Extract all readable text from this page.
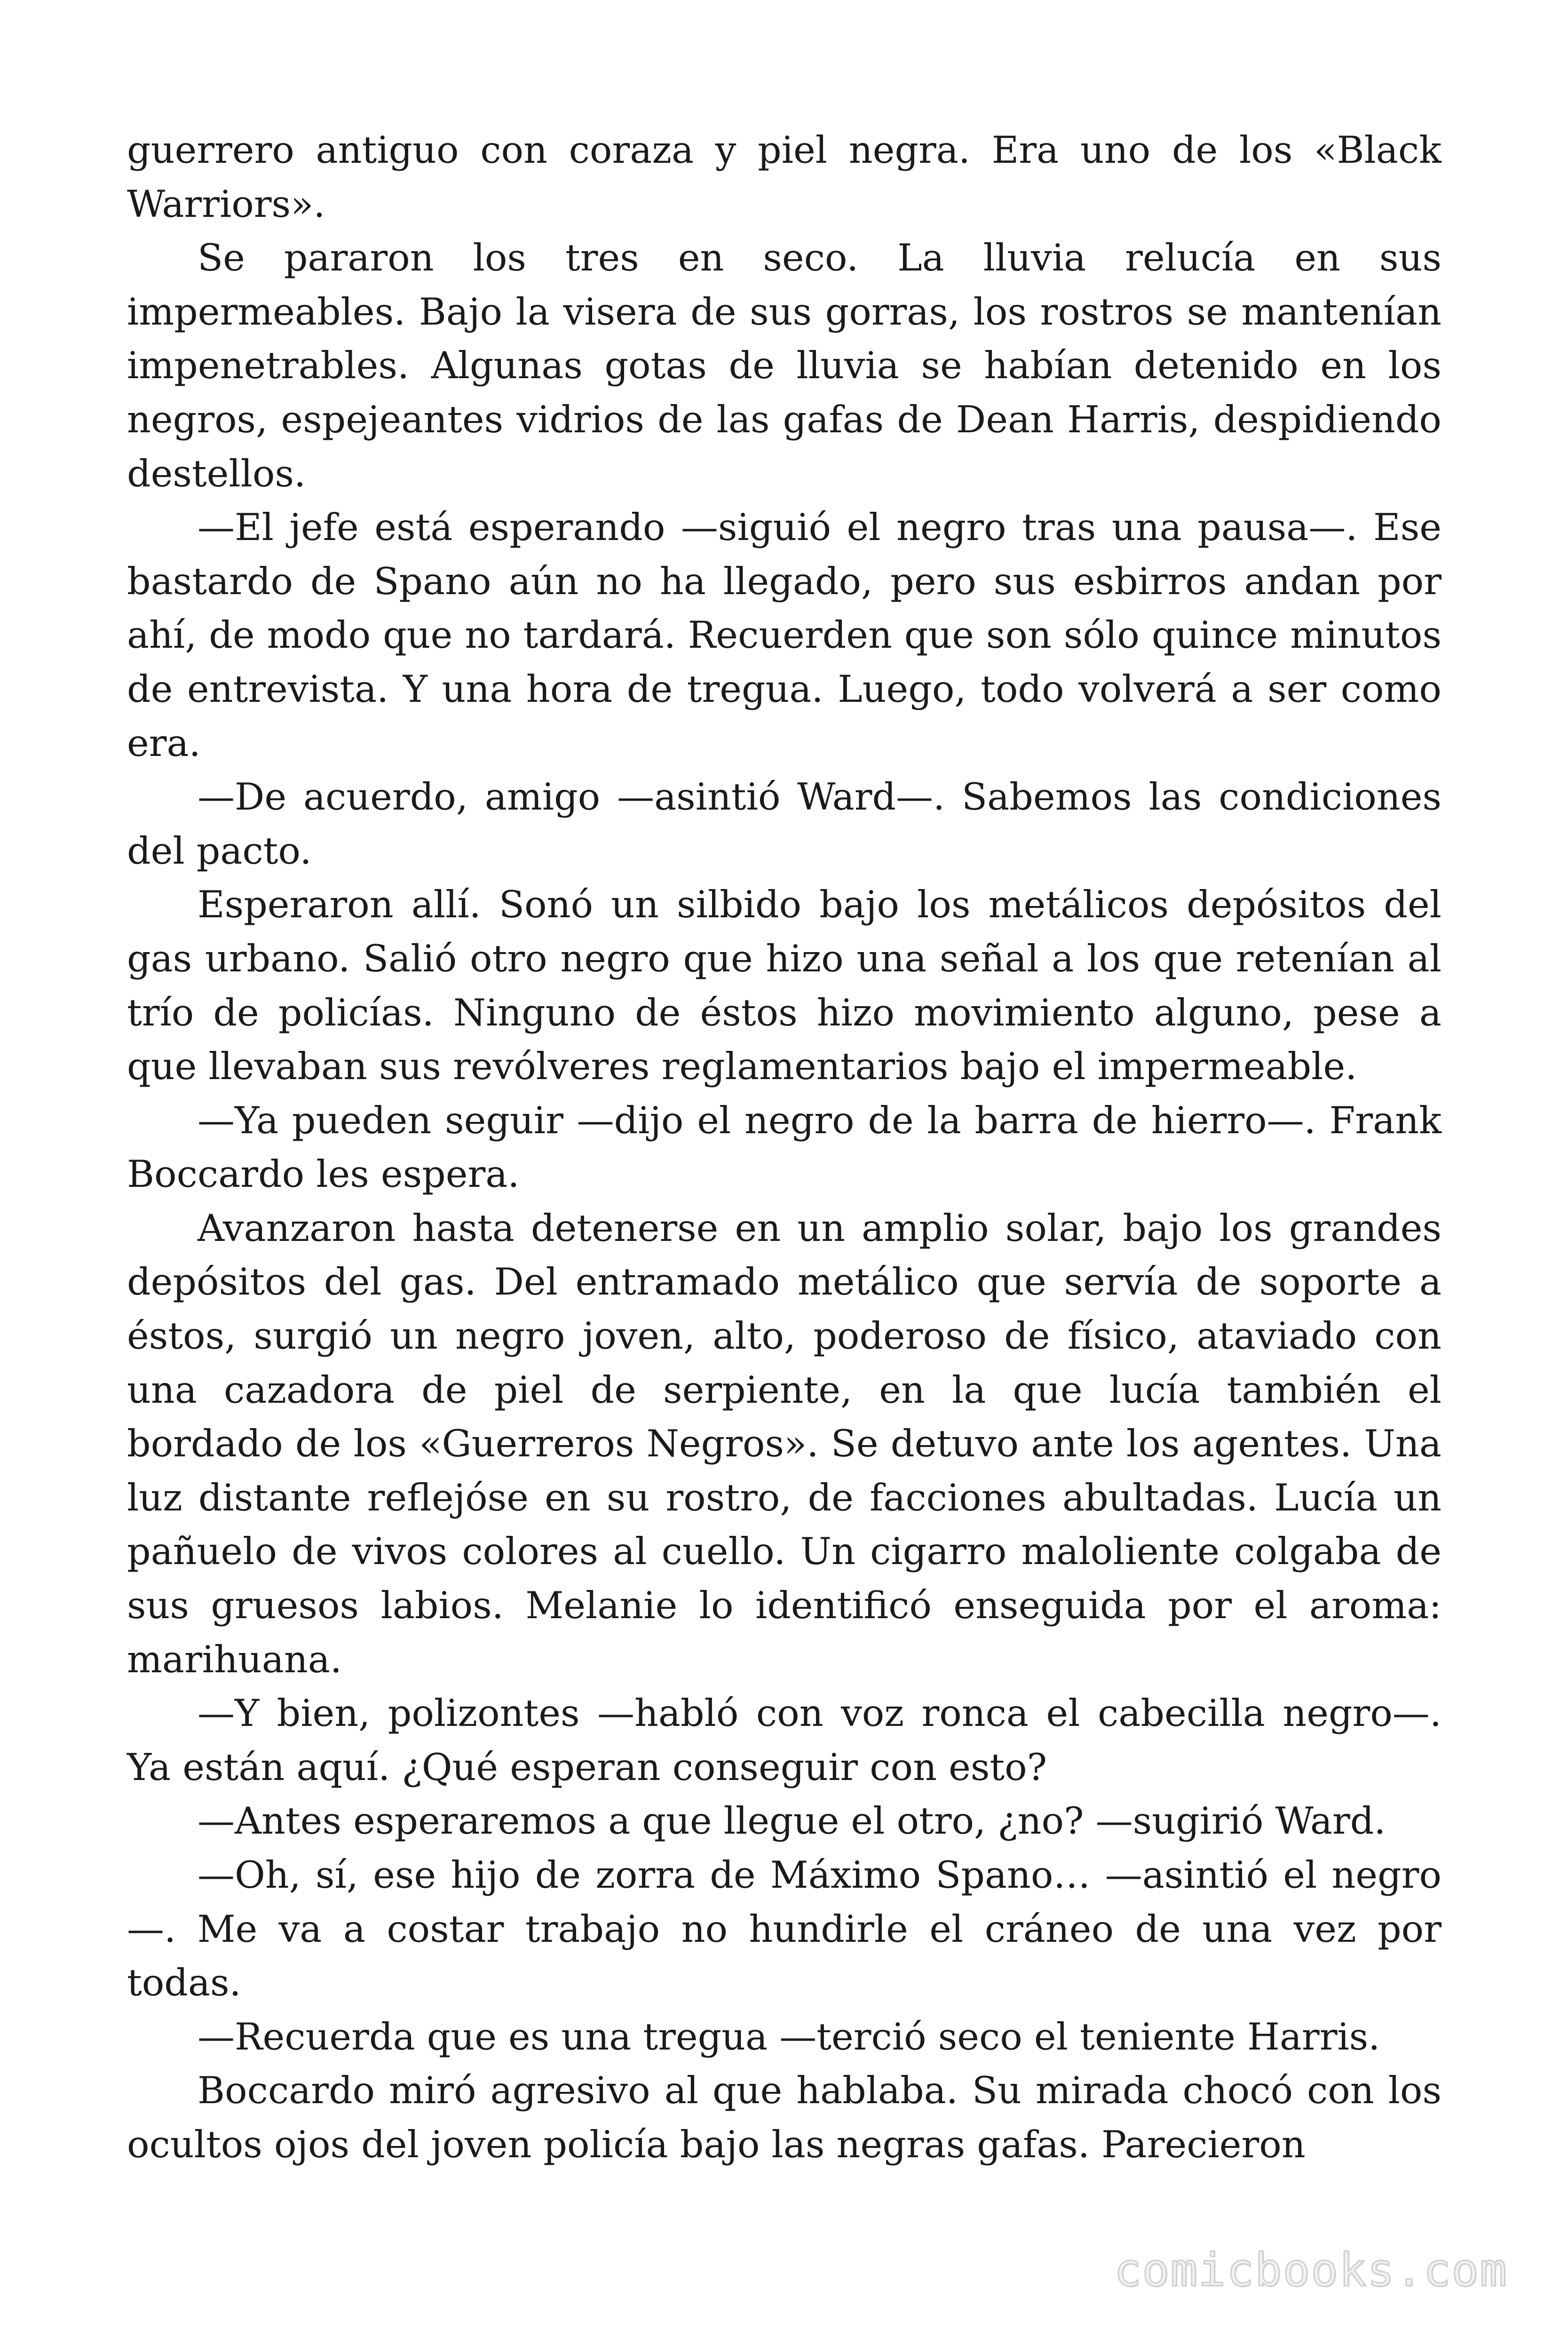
guerrero antiguo con coraza y piel negra. Era uno de los «Black Warriors».

Se pararon los tres en seco. La lluvia relucía en sus impermeables. Bajo la visera de sus gorras, los rostros se mantenían impenetrables. Algunas gotas de lluvia se habían detenido en los negros, espejeantes vidrios de las gafas de Dean Harris, despidiendo destellos.

—El jefe está esperando —siguió el negro tras una pausa—. Ese bastardo de Spano aún no ha llegado, pero sus esbirros andan por ahí, de modo que no tardará. Recuerden que son sólo quince minutos de entrevista. Y una hora de tregua. Luego, todo volverá a ser como era.

—De acuerdo, amigo —asintió Ward—. Sabemos las condiciones del pacto.

Esperaron allí. Sonó un silbido bajo los metálicos depósitos del gas urbano. Salió otro negro que hizo una señal a los que retenían al trío de policías. Ninguno de éstos hizo movimiento alguno, pese a que llevaban sus revólveres reglamentarios bajo el impermeable.

—Ya pueden seguir —dijo el negro de la barra de hierro—. Frank Boccardo les espera.

Avanzaron hasta detenerse en un amplio solar, bajo los grandes depósitos del gas. Del entramado metálico que servía de soporte a éstos, surgió un negro joven, alto, poderoso de físico, ataviado con una cazadora de piel de serpiente, en la que lucía también el bordado de los «Guerreros Negros». Se detuvo ante los agentes. Una luz distante reflejóse en su rostro, de facciones abultadas. Lucía un pañuelo de vivos colores al cuello. Un cigarro maloliente colgaba de sus gruesos labios. Melanie lo identificó enseguida por el aroma: marihuana.

—Y bien, polizontes —habló con voz ronca el cabecilla negro—. Ya están aquí. ¿Qué esperan conseguir con esto?

—Antes esperaremos a que llegue el otro, ¿no? —sugirió Ward.

—Oh, sí, ese hijo de zorra de Máximo Spano… —asintió el negro —. Me va a costar trabajo no hundirle el cráneo de una vez por todas.

—Recuerda que es una tregua —terció seco el teniente Harris.

Boccardo miró agresivo al que hablaba. Su mirada chocó con los ocultos ojos del joven policía bajo las negras gafas. Parecieron

comicbooks.com
